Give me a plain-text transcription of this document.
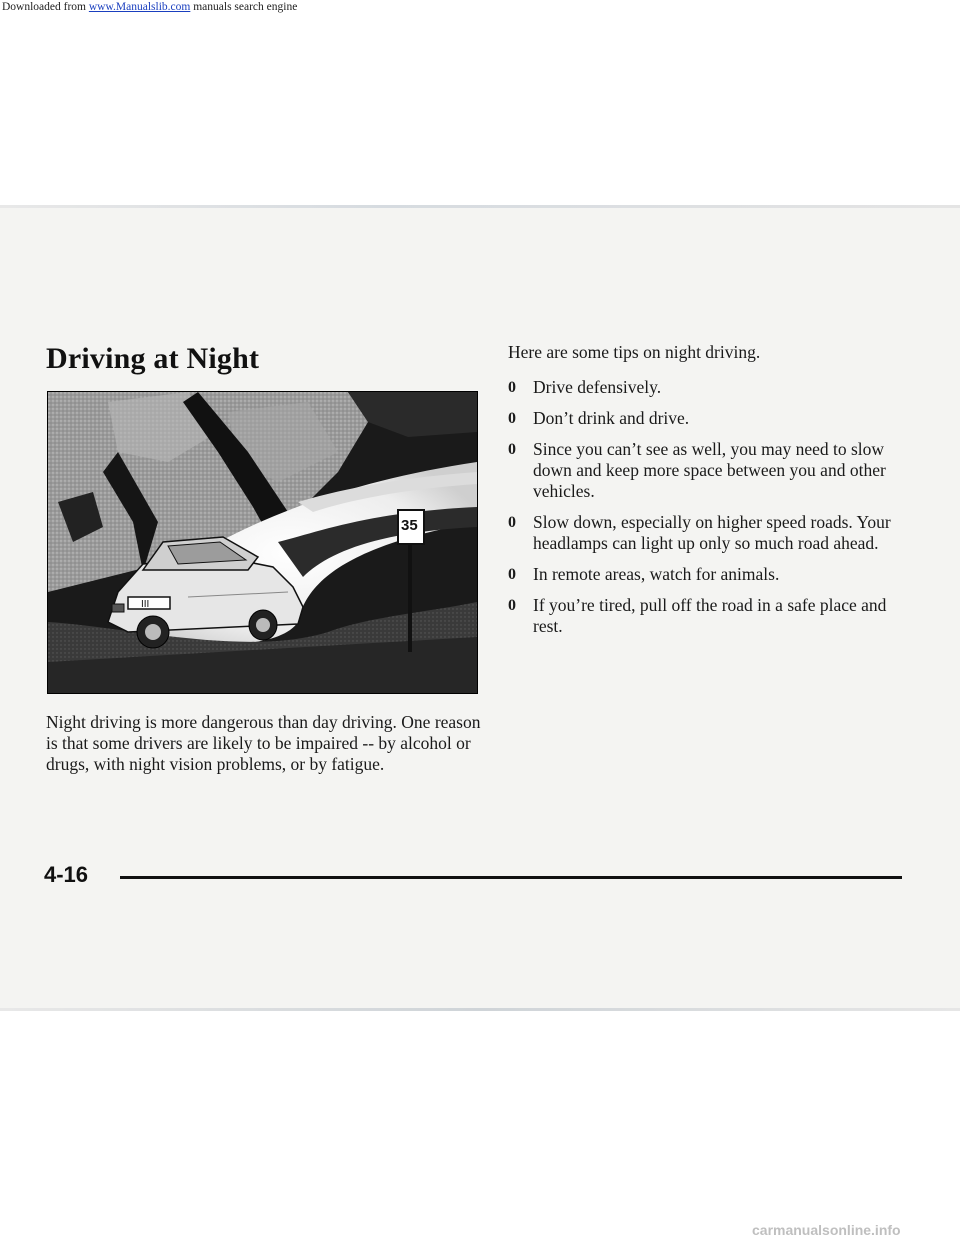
Downloaded from www.Manualslib.com manuals search engine

Driving at Night
III
35

Night driving is more dangerous than day driving. One reason is that some drivers are likely to be impaired -- by alcohol or drugs, with night vision problems, or by fatigue.

Here are some tips on night driving.

0 Drive defensively.
0 Don’t drink and drive.
0 Since you can’t see as well, you may need to slow down and keep more space between you and other vehicles.
0 Slow down, especially on higher speed roads. Your headlamps can light up only so much road ahead.
0 In remote areas, watch for animals.
0 If you’re tired, pull off the road in a safe place and rest.

4-16

carmanualsonline.info
